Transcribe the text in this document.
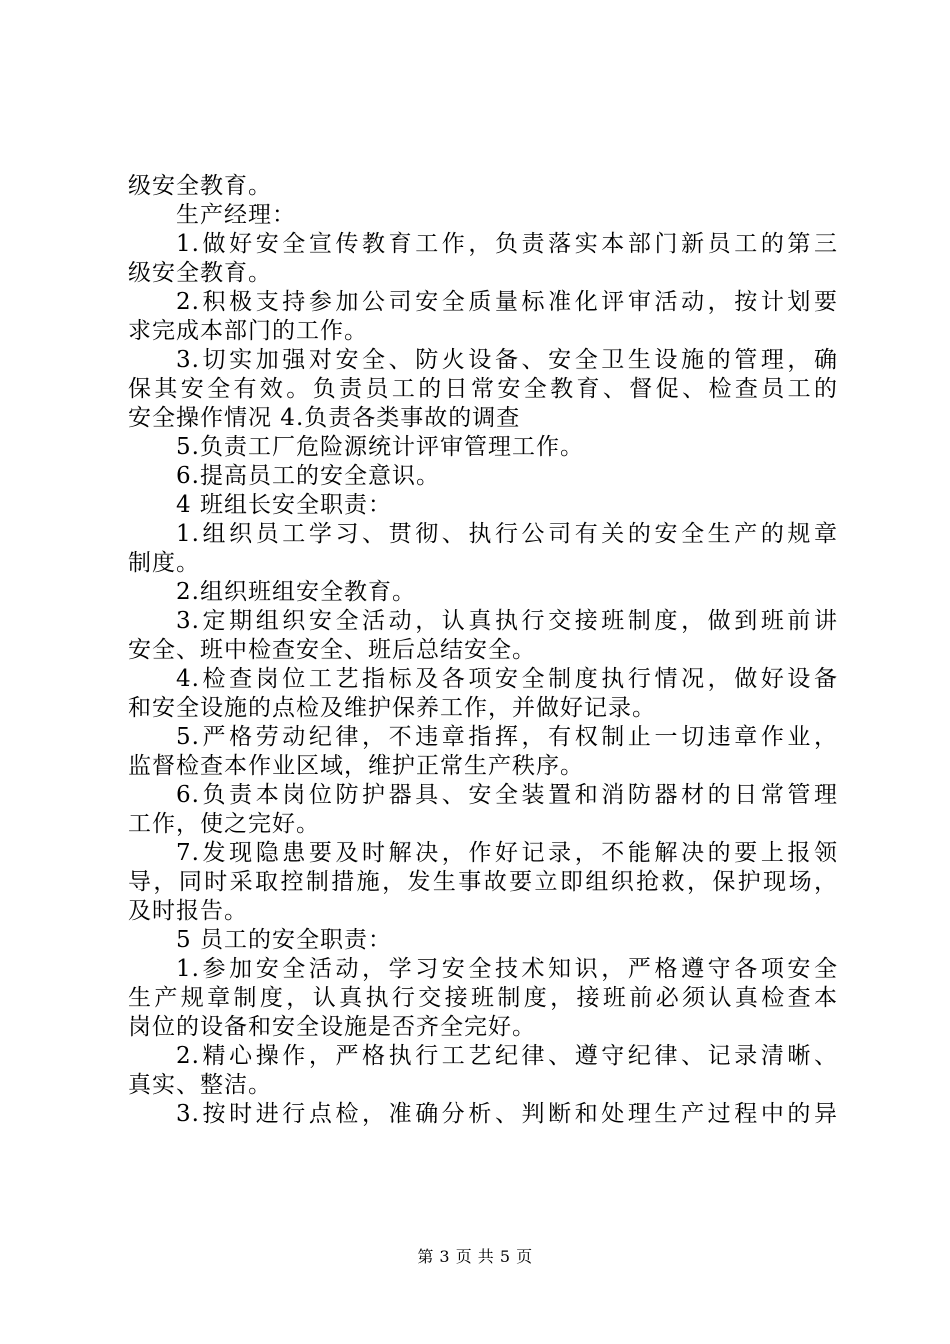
级安全教育。
生产经理：
1.做好安全宣传教育工作，负责落实本部门新员工的第三
级安全教育。
2.积极支持参加公司安全质量标准化评审活动，按计划要
求完成本部门的工作。
3.切实加强对安全、防火设备、安全卫生设施的管理，确
保其安全有效。负责员工的日常安全教育、督促、检查员工的
安全操作情况 4.负责各类事故的调查
5.负责工厂危险源统计评审管理工作。
6.提高员工的安全意识。
4 班组长安全职责：
1.组织员工学习、贯彻、执行公司有关的安全生产的规章
制度。
2.组织班组安全教育。
3.定期组织安全活动，认真执行交接班制度，做到班前讲
安全、班中检查安全、班后总结安全。
4.检查岗位工艺指标及各项安全制度执行情况，做好设备
和安全设施的点检及维护保养工作，并做好记录。
5.严格劳动纪律，不违章指挥，有权制止一切违章作业，
监督检查本作业区域，维护正常生产秩序。
6.负责本岗位防护器具、安全装置和消防器材的日常管理
工作，使之完好。
7.发现隐患要及时解决，作好记录，不能解决的要上报领
导，同时采取控制措施，发生事故要立即组织抢救，保护现场，
及时报告。
5 员工的安全职责：
1.参加安全活动，学习安全技术知识，严格遵守各项安全
生产规章制度，认真执行交接班制度，接班前必须认真检查本
岗位的设备和安全设施是否齐全完好。
2.精心操作，严格执行工艺纪律、遵守纪律、记录清晰、
真实、整洁。
3.按时进行点检，准确分析、判断和处理生产过程中的异
第 3 页 共 5 页
